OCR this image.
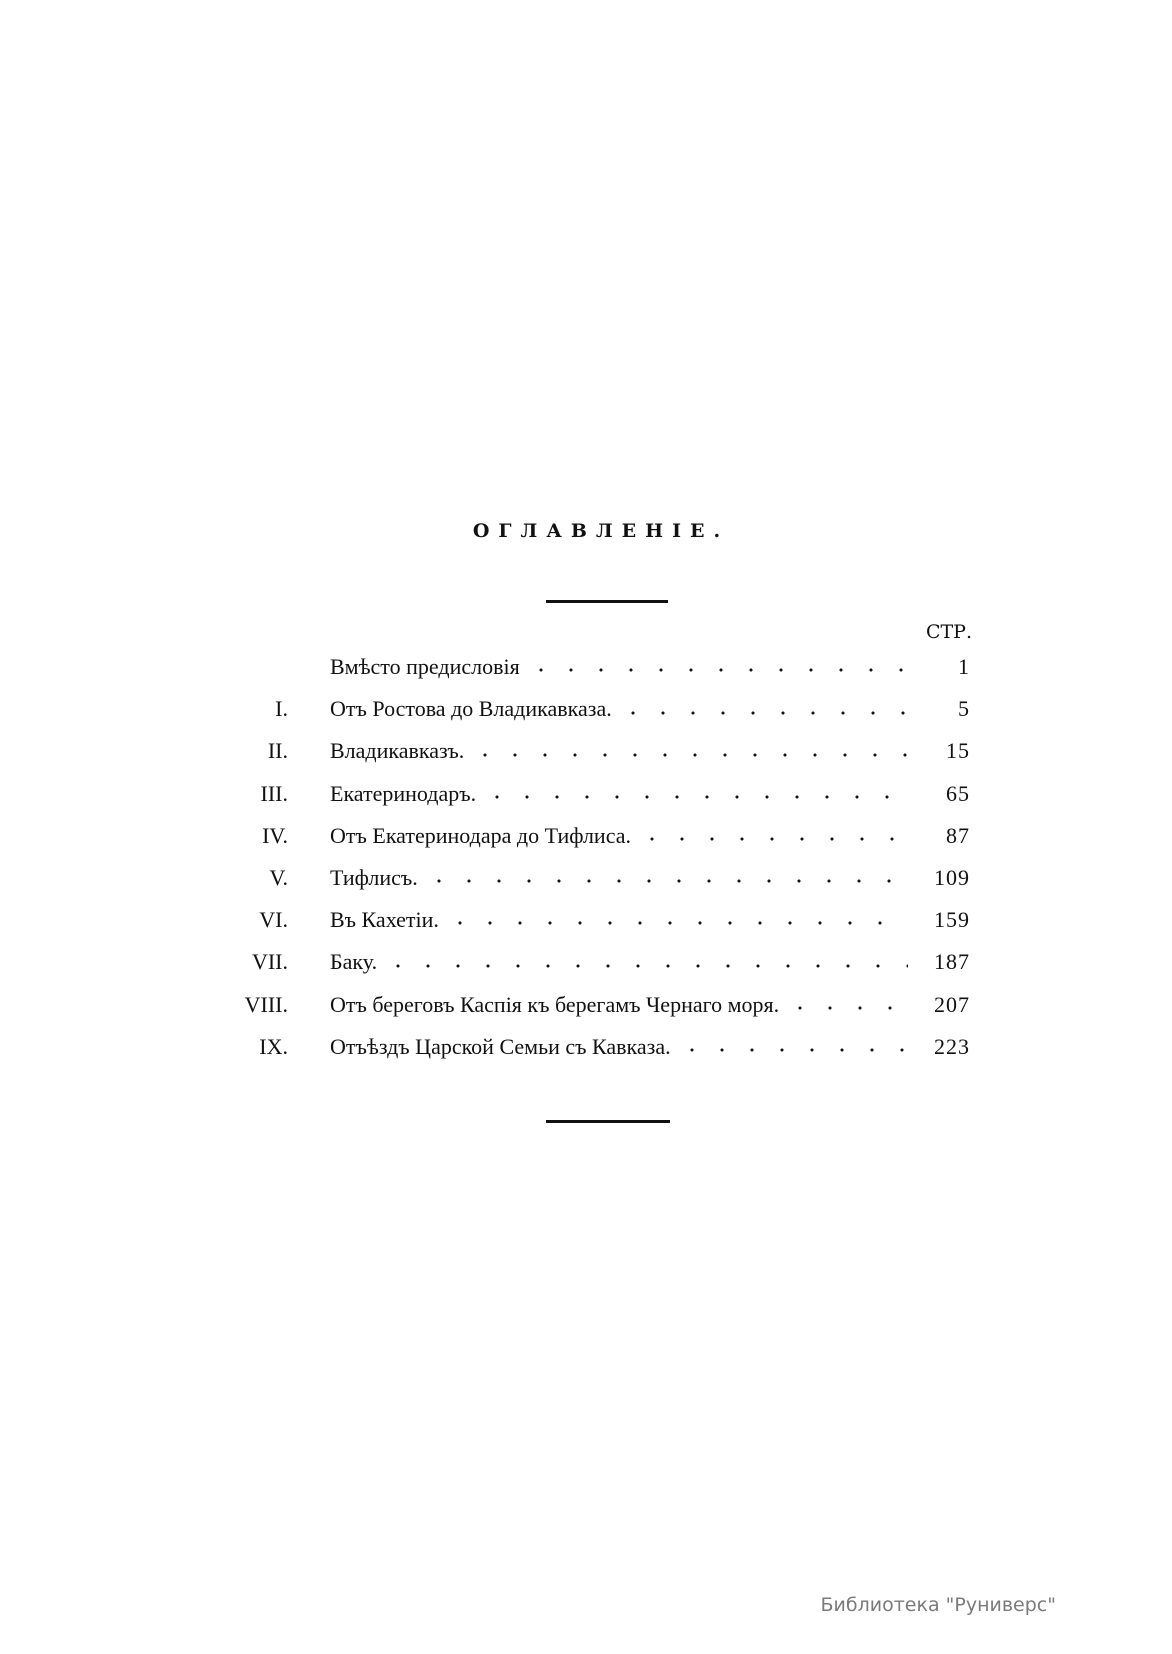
ОГЛАВЛЕНІЕ.
СТР.
Вмѣсто предисловія	1
I.	Отъ Ростова до Владикавказа.	5
II.	Владикавказъ.	15
III.	Екатеринодаръ.	65
IV.	Отъ Екатеринодара до Тифлиса.	87
V.	Тифлисъ.	109
VI.	Въ Кахетіи.	159
VII.	Баку.	187
VIII.	Отъ береговъ Каспія къ берегамъ Чернаго моря.	207
IX.	Отъѣздъ Царской Семьи съ Кавказа.	223
Библиотека "Руниверс"
